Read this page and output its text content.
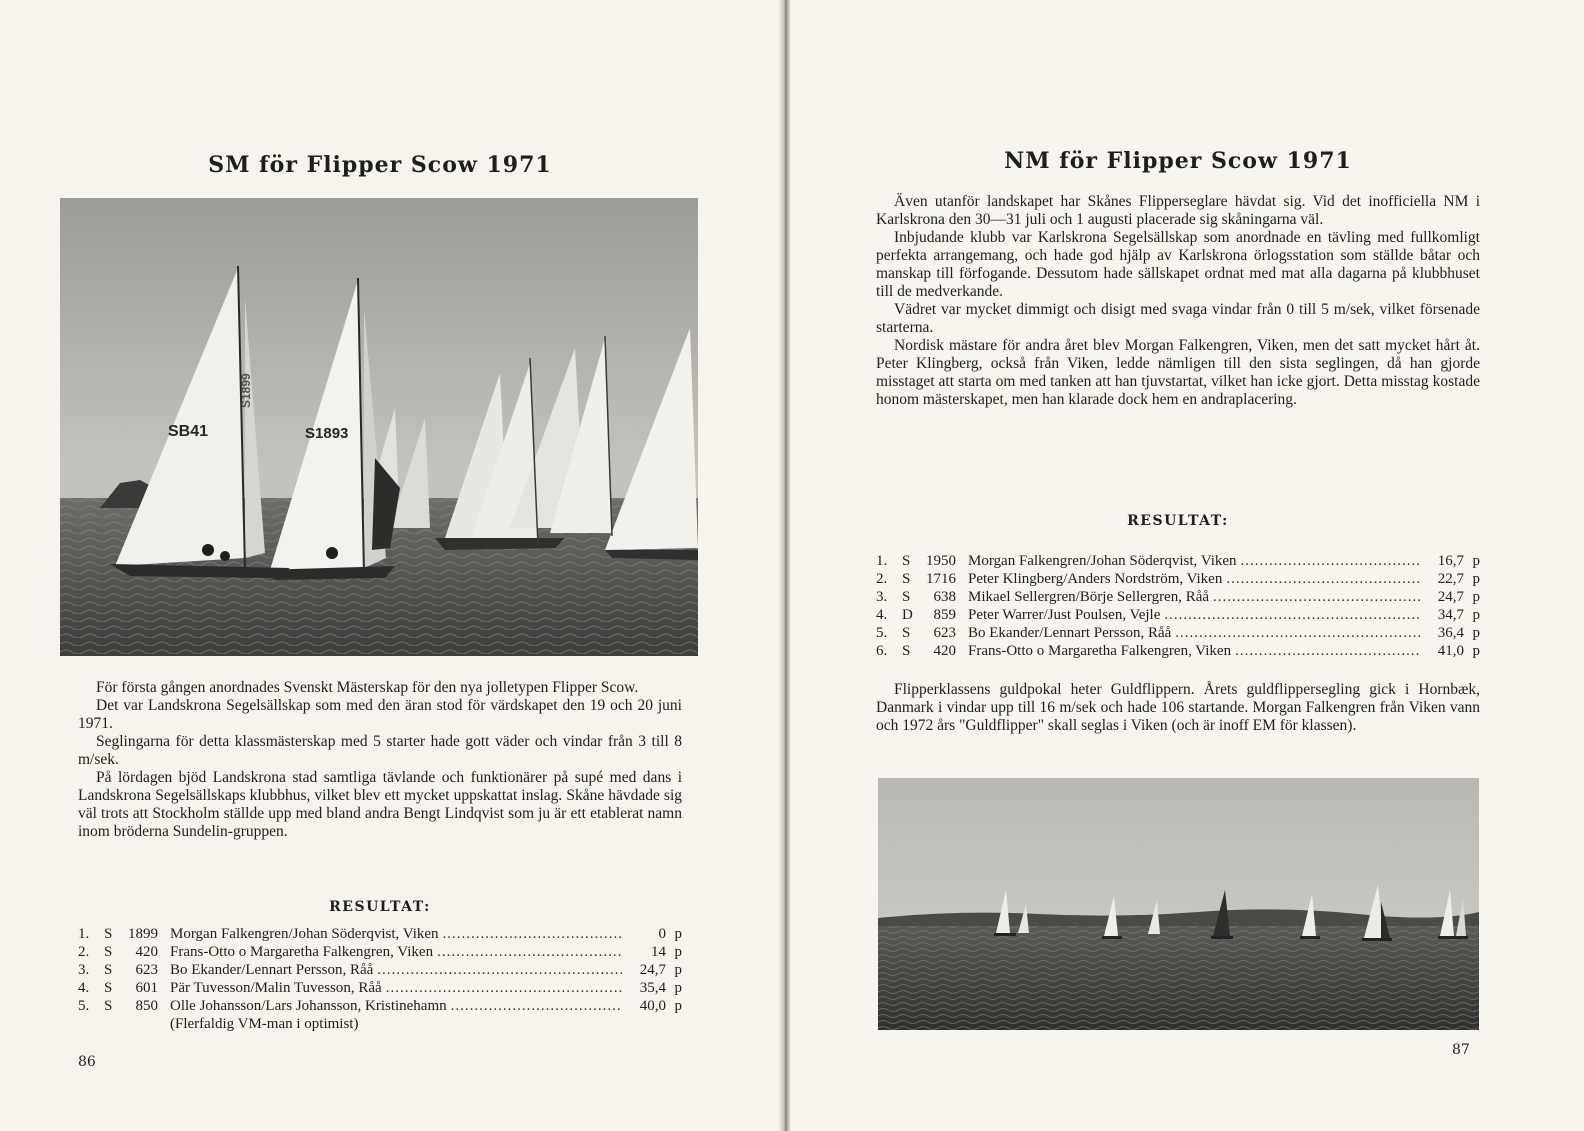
SM för Flipper Scow 1971
SB41	S1893
S1899

För första gången anordnades Svenskt Mästerskap för den nya jolletypen Flipper Scow.

Det var Landskrona Segelsällskap som med den äran stod för värdskapet den 19 och 20 juni 1971.

Seglingarna för detta klassmästerskap med 5 starter hade gott väder och vindar från 3 till 8 m/sek.

På lördagen bjöd Landskrona stad samtliga tävlande och funktionärer på supé med dans i Landskrona Segelsällskaps klubbhus, vilket blev ett mycket uppskattat inslag. Skåne hävdade sig väl trots att Stockholm ställde upp med bland andra Bengt Lindqvist som ju är ett etablerat namn inom bröderna Sundelin-gruppen.

RESULTAT:
1. S	1899 Morgan Falkengren/Johan Söderqvist, Viken .....	0 p
2. S	420 Frans-Otto o Margaretha Falkengren, Viken .....	14 p
3. S	623 Bo Ekander/Lennart Persson, Råå .....	24,7 p
4. S	601 Pär Tuvesson/Malin Tuvesson, Råå .....	35,4 p
5. S	850 Olle Johansson/Lars Johansson, Kristinehamn .....	40,0 p
(Flerfaldig VM-man i optimist)
86
NM för Flipper Scow 1971

Även utanför landskapet har Skånes Flipperseglare hävdat sig. Vid det inofficiella NM i Karlskrona den 30—31 juli och 1 augusti placerade sig skåningarna väl.

Inbjudande klubb var Karlskrona Segelsällskap som anordnade en tävling med fullkomligt perfekta arrangemang, och hade god hjälp av Karlskrona örlogsstation som ställde båtar och manskap till förfogande. Dessutom hade sällskapet ordnat med mat alla dagarna på klubbhuset till de medverkande.

Vädret var mycket dimmigt och disigt med svaga vindar från 0 till 5 m/sek, vilket försenade starterna.

Nordisk mästare för andra året blev Morgan Falkengren, Viken, men det satt mycket hårt åt. Peter Klingberg, också från Viken, ledde nämligen till den sista seglingen, då han gjorde misstaget att starta om med tanken att han tjuvstartat, vilket han icke gjort. Detta misstag kostade honom mästerskapet, men han klarade dock hem en andraplacering.

RESULTAT:
1. S	1950 Morgan Falkengren/Johan Söderqvist, Viken .....	16,7 p
2. S	1716 Peter Klingberg/Anders Nordström, Viken .....	22,7 p
3. S	638 Mikael Sellergren/Börje Sellergren, Råå .....	24,7 p
4. D	859 Peter Warrer/Just Poulsen, Vejle .....	34,7 p
5. S	623 Bo Ekander/Lennart Persson, Råå .....	36,4 p
6. S	420 Frans-Otto o Margaretha Falkengren, Viken .....	41,0 p

Flipperklassens guldpokal heter Guldflippern. Årets guldflippersegling gick i Hornbæk, Danmark i vindar upp till 16 m/sek och hade 106 startande. Morgan Falkengren från Viken vann och 1972 års "Guldflipper" skall seglas i Viken (och är inoff EM för klassen).

87
